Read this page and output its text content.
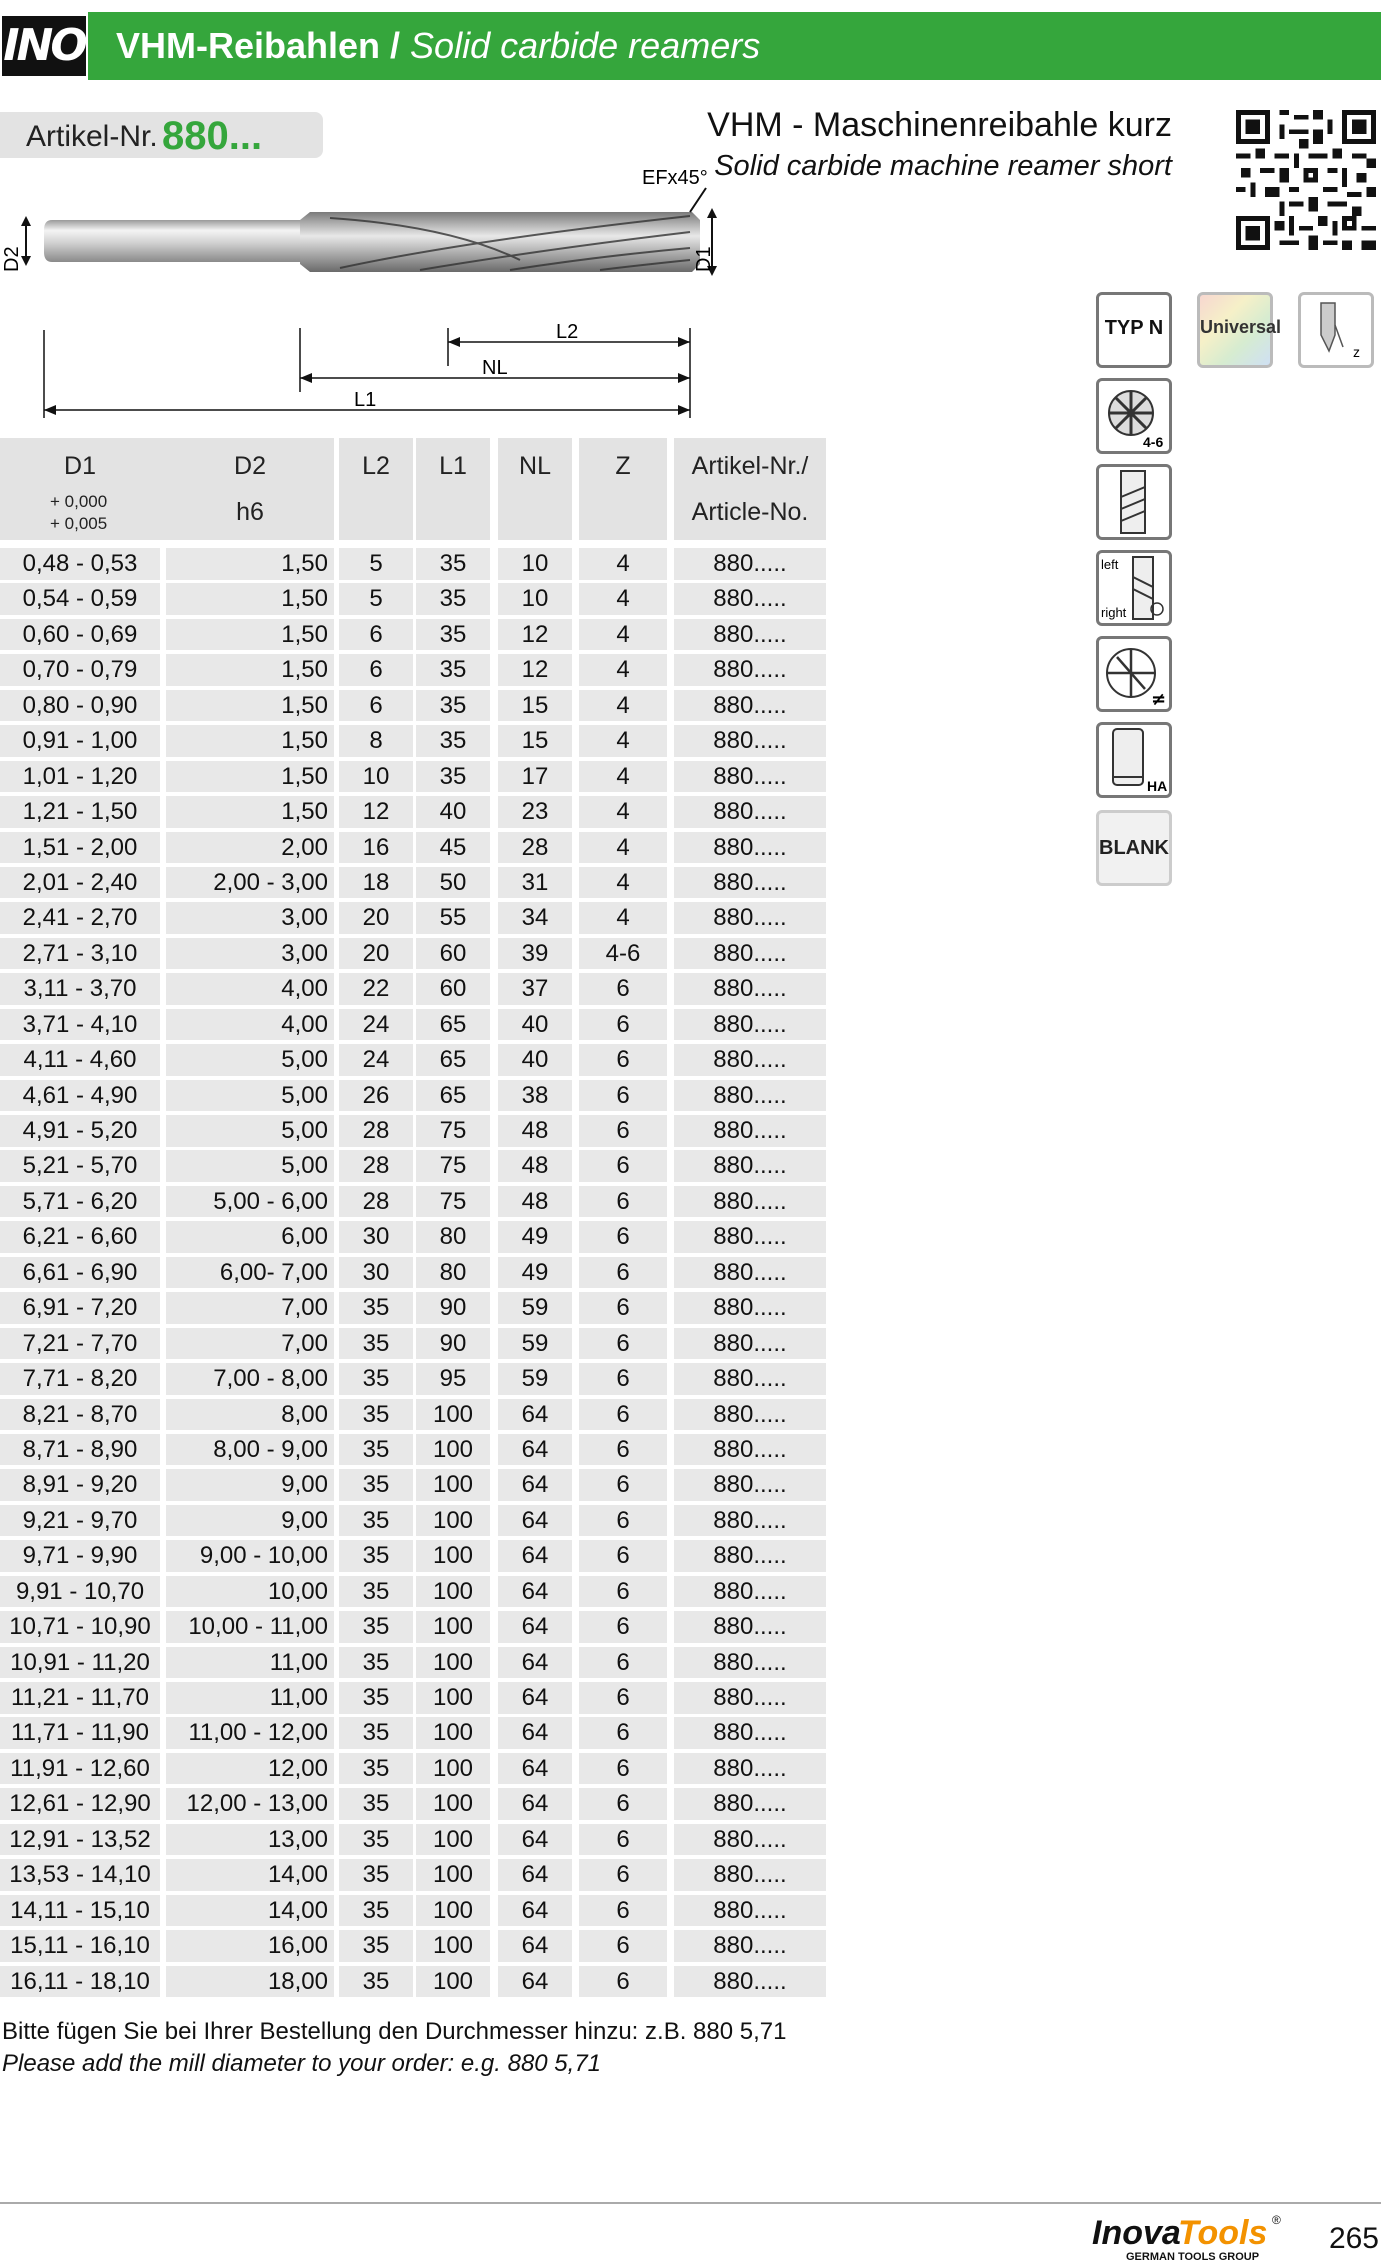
INO VHM-Reibahlen / Solid carbide reamers
Artikel-Nr. 880...	VHM - Maschinenreibahle kurz
Solid carbide machine reamer short
EFx45°
D2	D1
L2
NL
L1
TYP N	Universal
z
4-6
left
right
≠
HA
BLANK
D1
+ 0,000
+ 0,005
D2
h6
L2	L1	NL	Z	Artikel-Nr./
Article-No.
0,48 - 0,53	1,50	5	35	10	4	880.....
0,54 - 0,59	1,50	5	35	10	4	880.....
0,60 - 0,69	1,50	6	35	12	4	880.....
0,70 - 0,79	1,50	6	35	12	4	880.....
0,80 - 0,90	1,50	6	35	15	4	880.....
0,91 - 1,00	1,50	8	35	15	4	880.....
1,01 - 1,20	1,50	10	35	17	4	880.....
1,21 - 1,50	1,50	12	40	23	4	880.....
1,51 - 2,00	2,00	16	45	28	4	880.....
2,01 - 2,40	2,00 - 3,00	18	50	31	4	880.....
2,41 - 2,70	3,00	20	55	34	4	880.....
2,71 - 3,10	3,00	20	60	39	4-6	880.....
3,11 - 3,70	4,00	22	60	37	6	880.....
3,71 - 4,10	4,00	24	65	40	6	880.....
4,11 - 4,60	5,00	24	65	40	6	880.....
4,61 - 4,90	5,00	26	65	38	6	880.....
4,91 - 5,20	5,00	28	75	48	6	880.....
5,21 - 5,70	5,00	28	75	48	6	880.....
5,71 - 6,20	5,00 - 6,00	28	75	48	6	880.....
6,21 - 6,60	6,00	30	80	49	6	880.....
6,61 - 6,90	6,00- 7,00	30	80	49	6	880.....
6,91 - 7,20	7,00	35	90	59	6	880.....
7,21 - 7,70	7,00	35	90	59	6	880.....
7,71 - 8,20	7,00 - 8,00	35	95	59	6	880.....
8,21 - 8,70	8,00	35	100	64	6	880.....
8,71 - 8,90	8,00 - 9,00	35	100	64	6	880.....
8,91 - 9,20	9,00	35	100	64	6	880.....
9,21 - 9,70	9,00	35	100	64	6	880.....
9,71 - 9,90	9,00 - 10,00	35	100	64	6	880.....
9,91 - 10,70	10,00	35	100	64	6	880.....
10,71 - 10,90	10,00 - 11,00	35	100	64	6	880.....
10,91 - 11,20	11,00	35	100	64	6	880.....
11,21 - 11,70	11,00	35	100	64	6	880.....
11,71 - 11,90	11,00 - 12,00	35	100	64	6	880.....
11,91 - 12,60	12,00	35	100	64	6	880.....
12,61 - 12,90	12,00 - 13,00	35	100	64	6	880.....
12,91 - 13,52	13,00	35	100	64	6	880.....
13,53 - 14,10	14,00	35	100	64	6	880.....
14,11 - 15,10	14,00	35	100	64	6	880.....
15,11 - 16,10	16,00	35	100	64	6	880.....
16,11 - 18,10	18,00	35	100	64	6	880.....
Bitte fügen Sie bei Ihrer Bestellung den Durchmesser hinzu: z.B. 880 5,71
Please add the mill diameter to your order: e.g. 880 5,71
Inova
Tools ®
GERMAN TOOLS GROUP
265
